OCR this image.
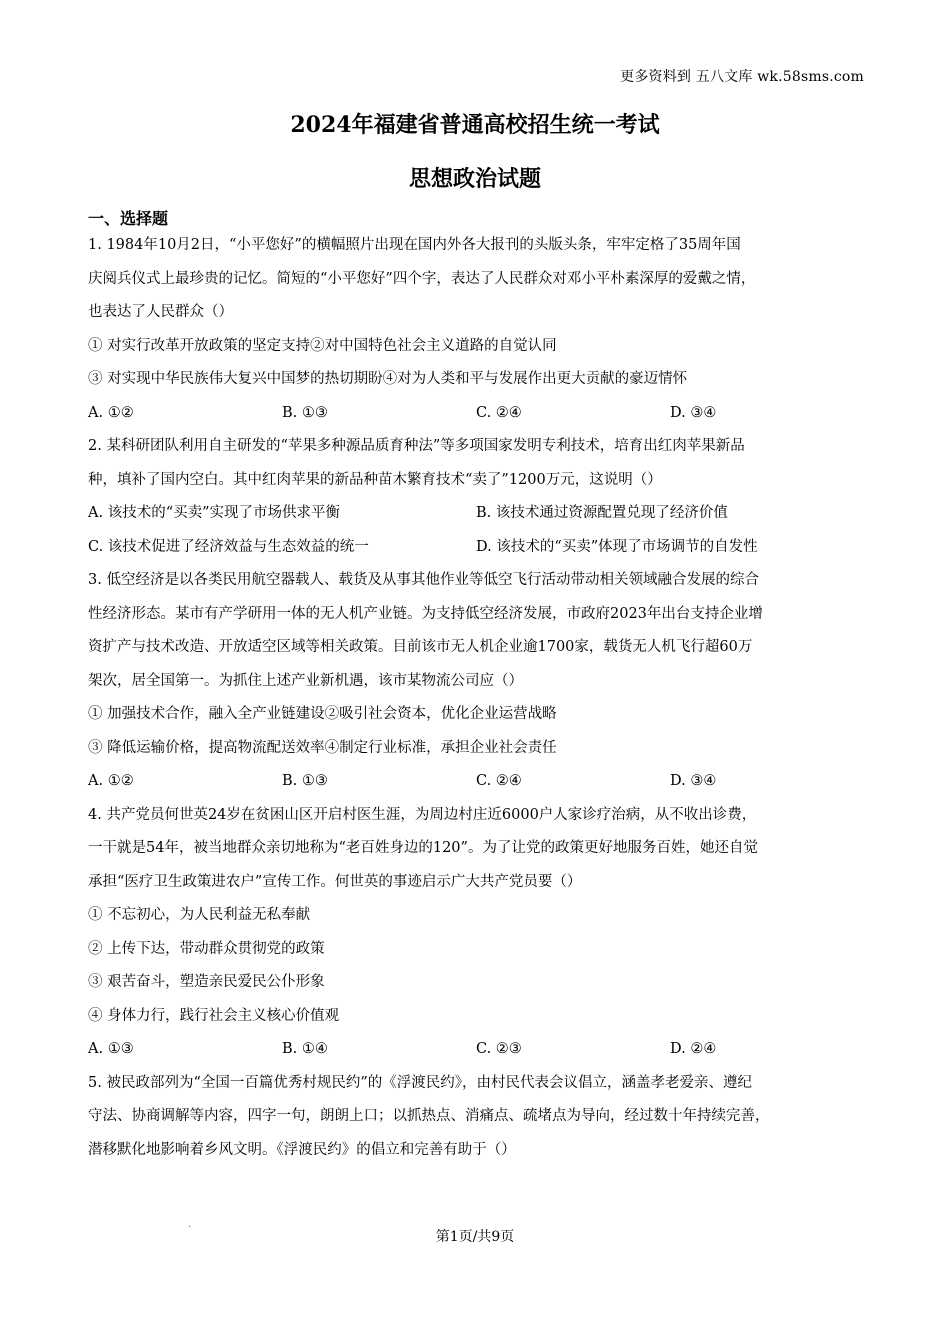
更多资料到 五八文库 wk.58sms.com
2024年福建省普通高校招生统一考试
思想政治试题
一、选择题
1. 1984年10月2日，“小平您好”的横幅照片出现在国内外各大报刊的头版头条，牢牢定格了35周年国
庆阅兵仪式上最珍贵的记忆。简短的“小平您好”四个字，表达了人民群众对邓小平朴素深厚的爱戴之情，
也表达了人民群众（）
① 对实行改革开放政策的坚定支持②对中国特色社会主义道路的自觉认同
③ 对实现中华民族伟大复兴中国梦的热切期盼④对为人类和平与发展作出更大贡献的豪迈情怀
A. ①②	B. ①③	C. ②④	D. ③④
2. 某科研团队利用自主研发的“苹果多种源品质育种法”等多项国家发明专利技术，培育出红肉苹果新品
种，填补了国内空白。其中红肉苹果的新品种苗木繁育技术“卖了”1200万元，这说明（）
A. 该技术的“买卖”实现了市场供求平衡	B. 该技术通过资源配置兑现了经济价值
C. 该技术促进了经济效益与生态效益的统一	D. 该技术的“买卖”体现了市场调节的自发性
3. 低空经济是以各类民用航空器载人、载货及从事其他作业等低空飞行活动带动相关领域融合发展的综合
性经济形态。某市有产学研用一体的无人机产业链。为支持低空经济发展，市政府2023年出台支持企业增
资扩产与技术改造、开放适空区域等相关政策。目前该市无人机企业逾1700家，载货无人机飞行超60万
架次，居全国第一。为抓住上述产业新机遇，该市某物流公司应（）
① 加强技术合作，融入全产业链建设②吸引社会资本，优化企业运营战略
③ 降低运输价格，提高物流配送效率④制定行业标准，承担企业社会责任
A. ①②	B. ①③	C. ②④	D. ③④
4. 共产党员何世英24岁在贫困山区开启村医生涯，为周边村庄近6000户人家诊疗治病，从不收出诊费，
一干就是54年，被当地群众亲切地称为“老百姓身边的120”。为了让党的政策更好地服务百姓，她还自觉
承担“医疗卫生政策进农户”宣传工作。何世英的事迹启示广大共产党员要（）
① 不忘初心，为人民利益无私奉献
② 上传下达，带动群众贯彻党的政策
③ 艰苦奋斗，塑造亲民爱民公仆形象
④ 身体力行，践行社会主义核心价值观
A. ①③	B. ①④	C. ②③	D. ②④
5. 被民政部列为“全国一百篇优秀村规民约”的《浮渡民约》，由村民代表会议倡立，涵盖孝老爱亲、遵纪
守法、协商调解等内容，四字一句，朗朗上口；以抓热点、消痛点、疏堵点为导向，经过数十年持续完善，
潜移默化地影响着乡风文明。《浮渡民约》的倡立和完善有助于（）
·
第1页/共9页
